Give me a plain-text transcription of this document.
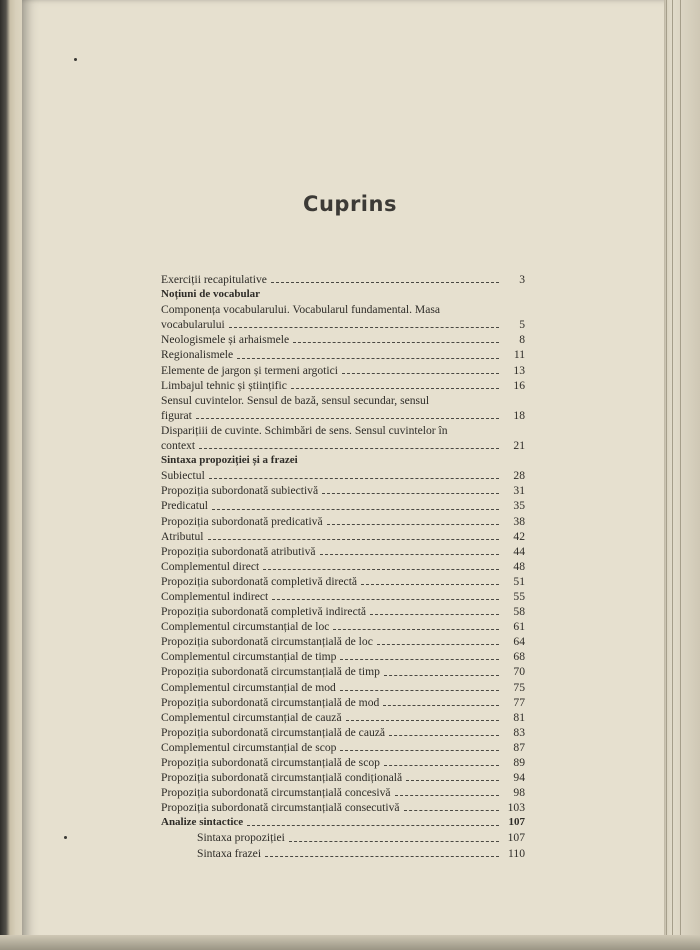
Cuprins
Exerciții recapitulative	3
Noțiuni de vocabular
Componența vocabularului. Vocabularul fundamental. Masa
vocabularului	5
Neologismele și arhaismele	8
Regionalismele	11
Elemente de jargon și termeni argotici	13
Limbajul tehnic și științific	16
Sensul cuvintelor. Sensul de bază, sensul secundar, sensul
figurat	18
Disparițiii de cuvinte. Schimbări de sens. Sensul cuvintelor în
context	21
Sintaxa propoziției și a frazei
Subiectul	28
Propoziția subordonată subiectivă	31
Predicatul	35
Propoziția subordonată predicativă	38
Atributul	42
Propoziția subordonată atributivă	44
Complementul direct	48
Propoziția subordonată completivă directă	51
Complementul indirect	55
Propoziția subordonată completivă indirectă	58
Complementul circumstanțial de loc	61
Propoziția subordonată circumstanțială de loc	64
Complementul circumstanțial de timp	68
Propoziția subordonată circumstanțială de timp	70
Complementul circumstanțial de mod	75
Propoziția subordonată circumstanțială de mod	77
Complementul circumstanțial de cauză	81
Propoziția subordonată circumstanțială de cauză	83
Complementul circumstanțial de scop	87
Propoziția subordonată circumstanțială de scop	89
Propoziția subordonată circumstanțială condițională	94
Propoziția subordonată circumstanțială concesivă	98
Propoziția subordonată circumstanțială consecutivă	103
Analize sintactice	107
Sintaxa propoziției	107
Sintaxa frazei	110
